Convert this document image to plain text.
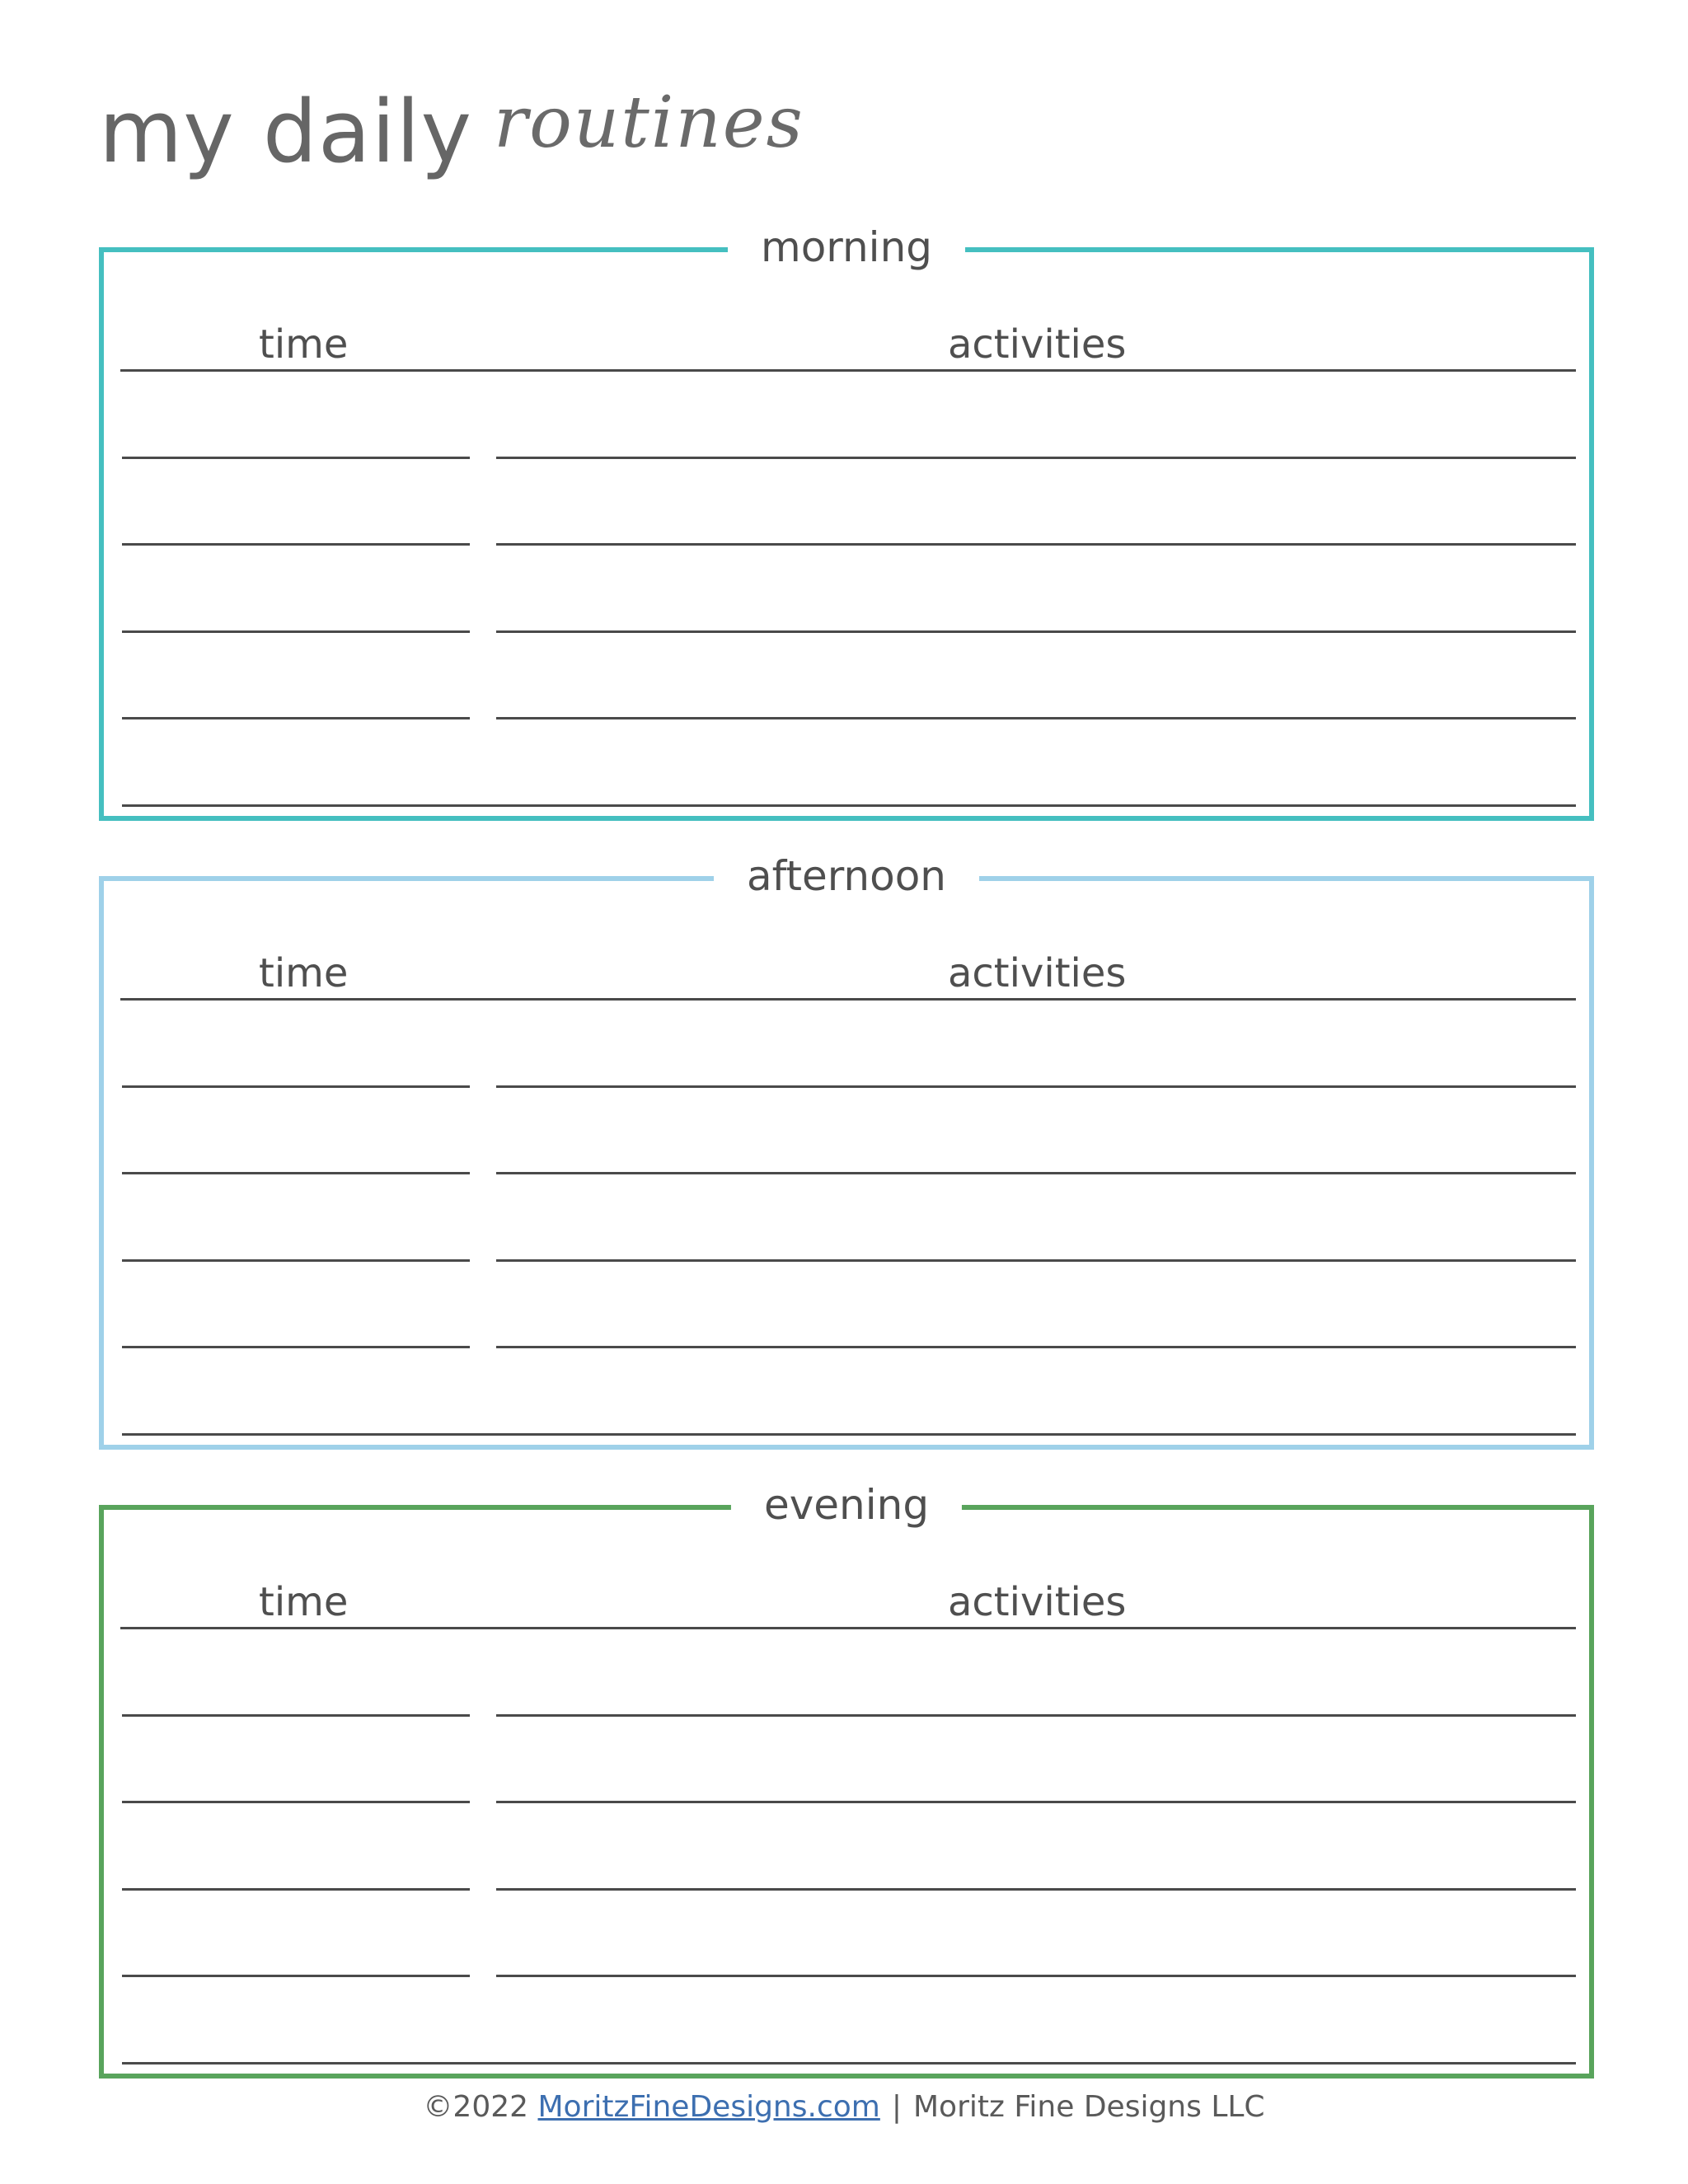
my daily routines
morning
time	activities
afternoon
time	activities
evening
time	activities
©2022 MoritzFineDesigns.com | Moritz Fine Designs LLC
